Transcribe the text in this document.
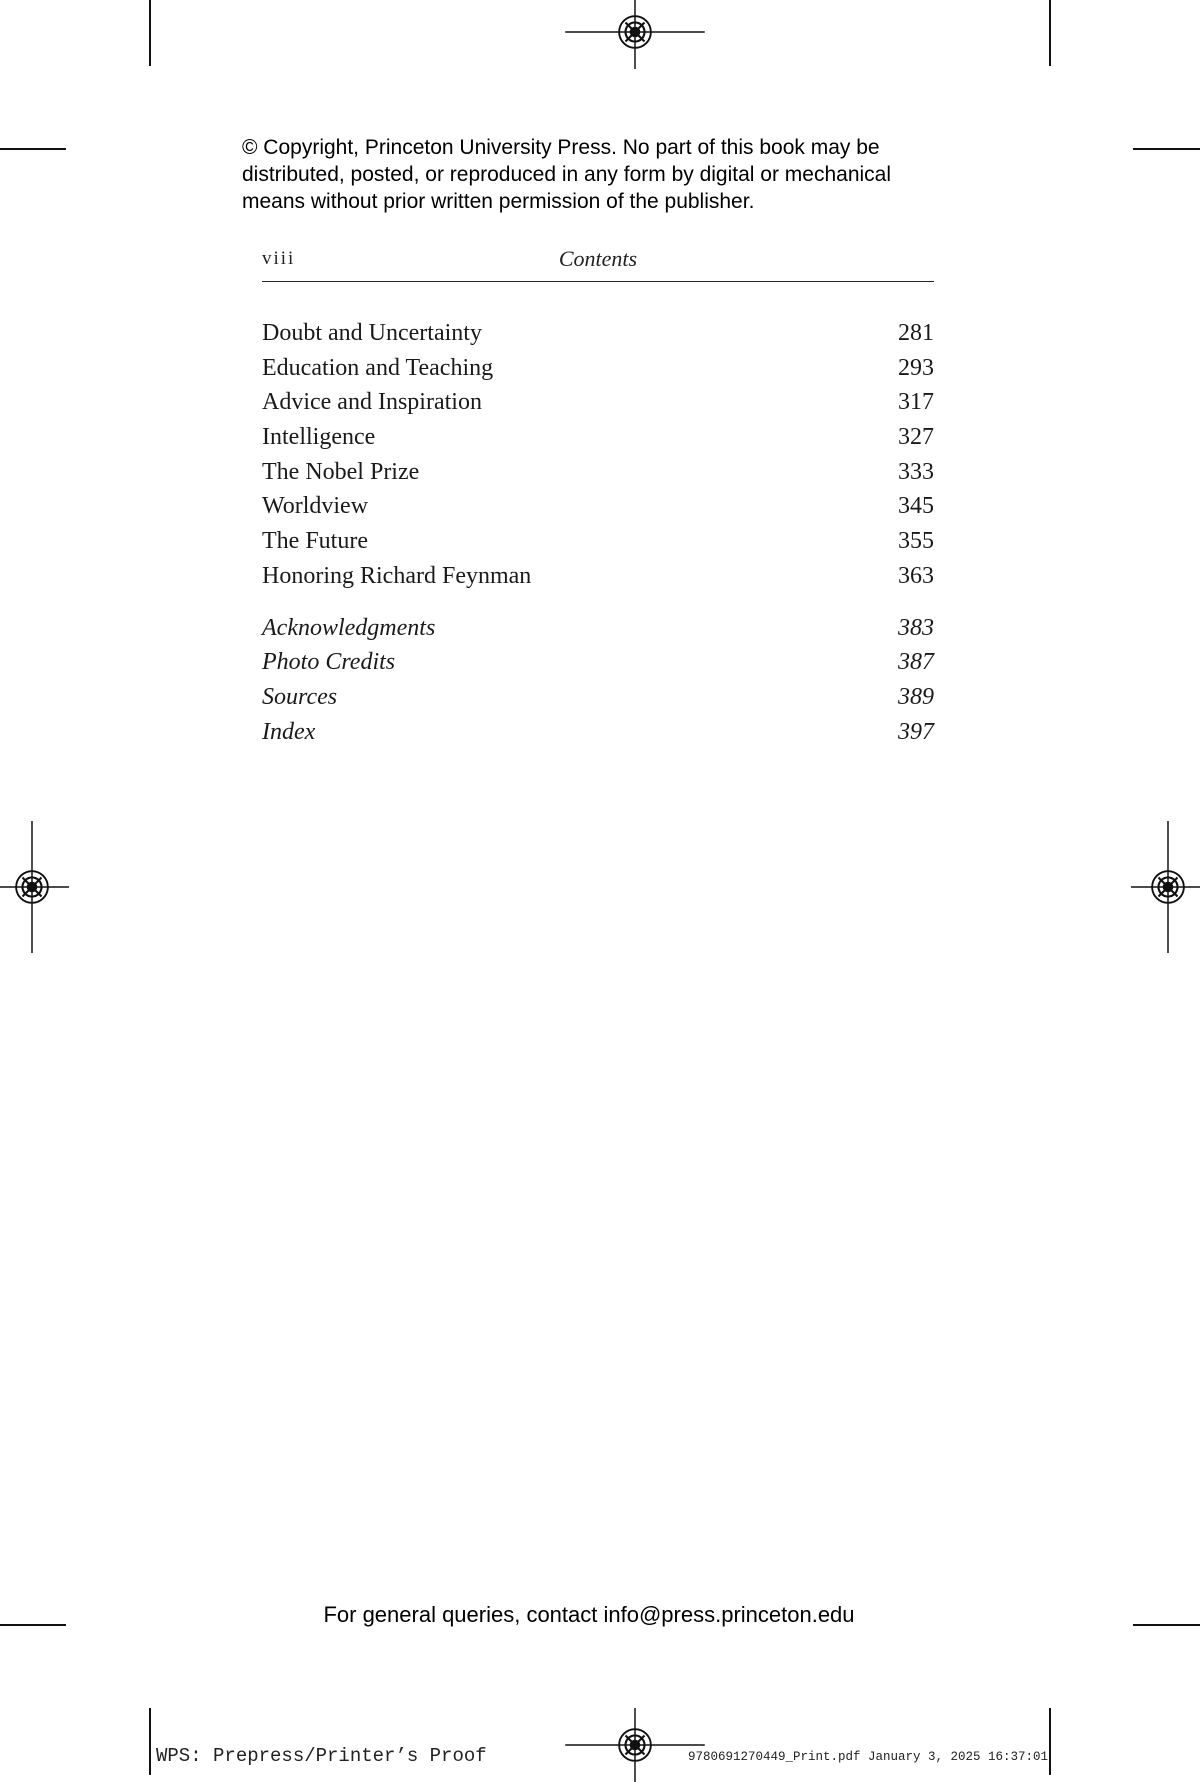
© Copyright, Princeton University Press. No part of this book may be distributed, posted, or reproduced in any form by digital or mechanical means without prior written permission of the publisher.
viii	Contents
Doubt and Uncertainty	281
Education and Teaching	293
Advice and Inspiration	317
Intelligence	327
The Nobel Prize	333
Worldview	345
The Future	355
Honoring Richard Feynman	363
Acknowledgments	383
Photo Credits	387
Sources	389
Index	397
For general queries, contact info@press.princeton.edu
WPS: Prepress/Printer’s Proof	9780691270449_Print.pdf January 3, 2025 16:37:01
